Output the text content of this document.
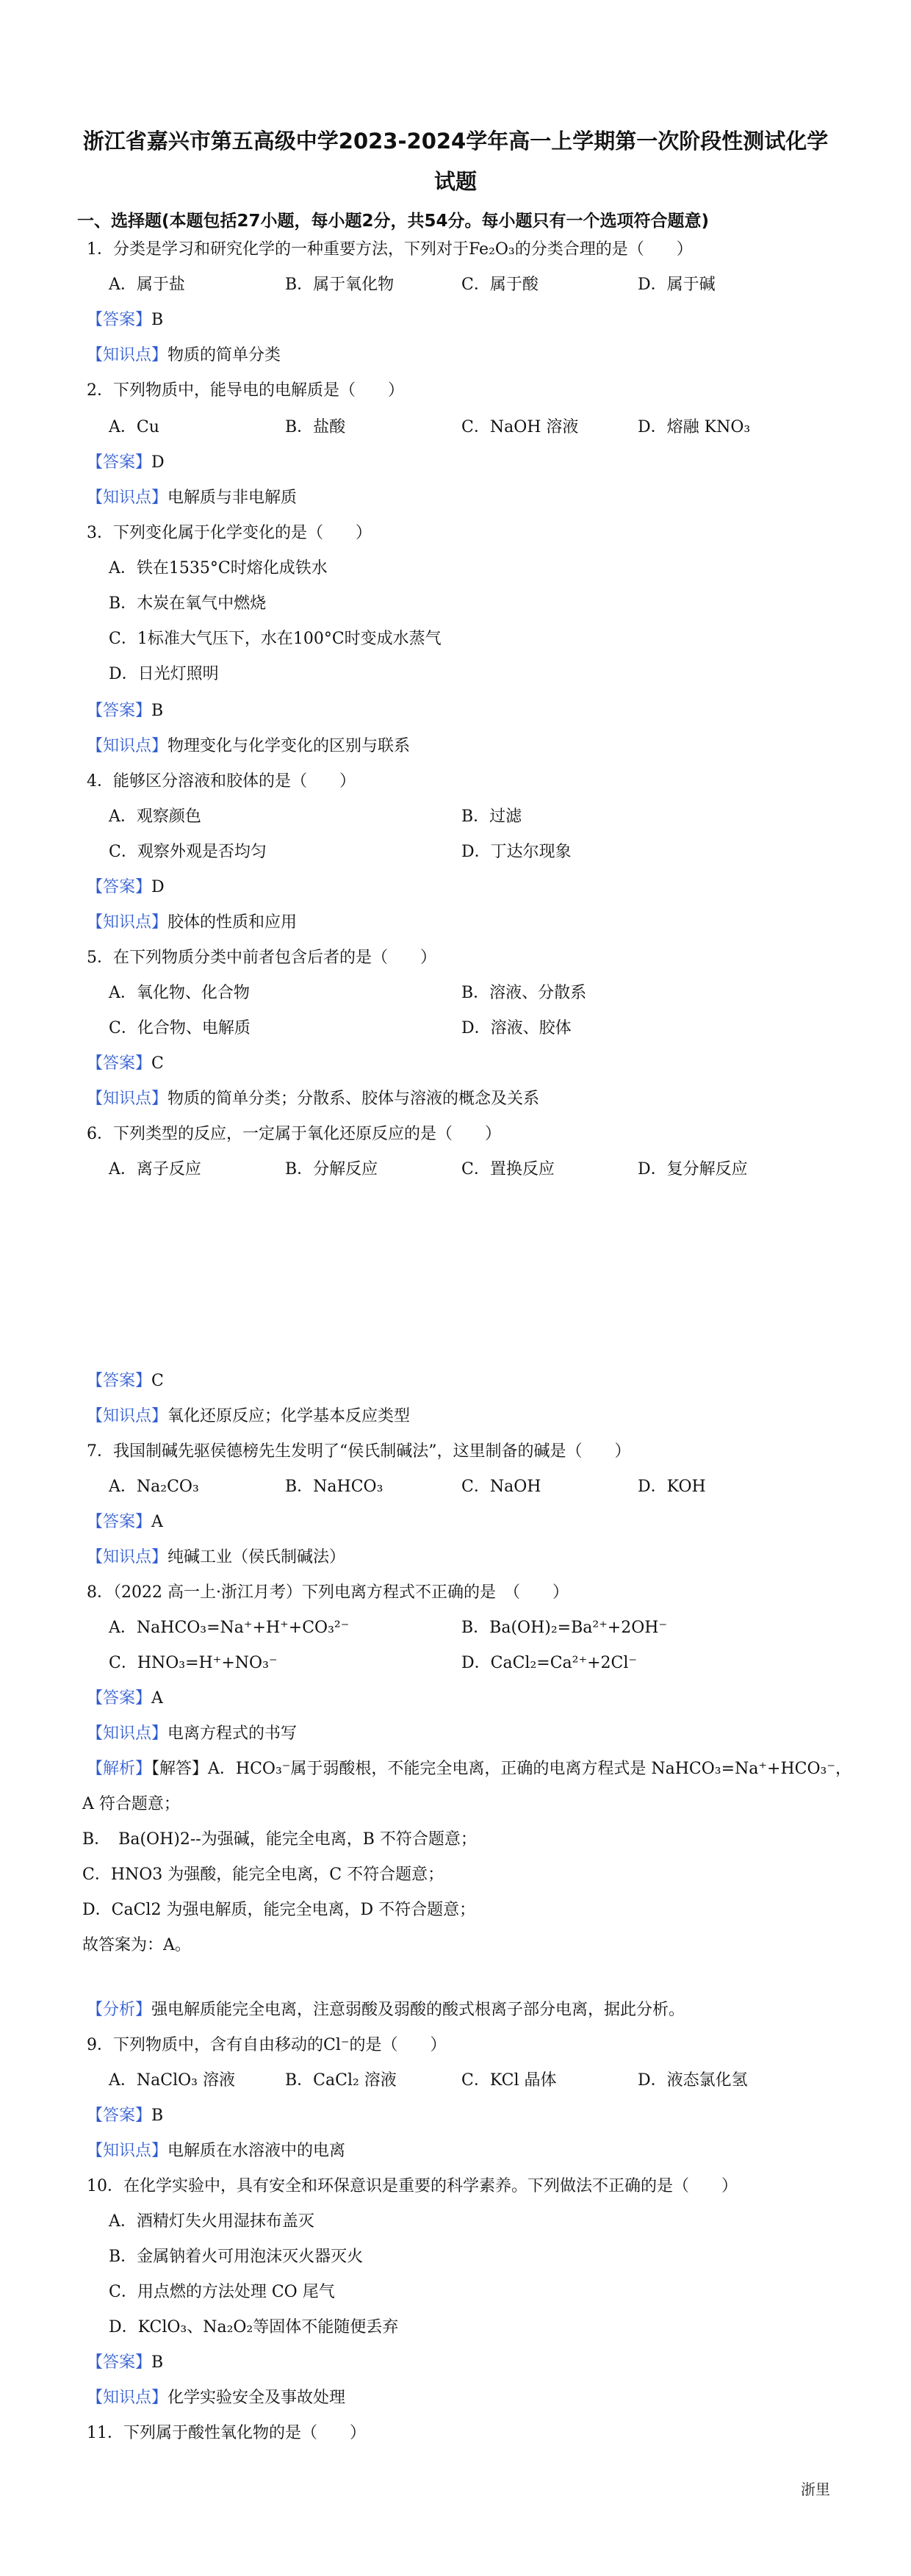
浙江省嘉兴市第五高级中学2023-2024学年高一上学期第一次阶段性测试化学
试题
一、选择题(本题包括27小题，每小题2分，共54分。每小题只有一个选项符合题意)
1．分类是学习和研究化学的一种重要方法，下列对于Fe₂O₃的分类合理的是（　　）
A．属于盐	B．属于氧化物	C．属于酸	D．属于碱
【答案】B
【知识点】物质的简单分类
2．下列物质中，能导电的电解质是（　　）
A．Cu	B．盐酸	C．NaOH 溶液	D．熔融 KNO₃
【答案】D
【知识点】电解质与非电解质
3．下列变化属于化学变化的是（　　）
A．铁在1535°C时熔化成铁水
B．木炭在氧气中燃烧
C．1标准大气压下，水在100°C时变成水蒸气
D．日光灯照明
【答案】B
【知识点】物理变化与化学变化的区别与联系
4．能够区分溶液和胶体的是（　　）
A．观察颜色	B．过滤
C．观察外观是否均匀	D．丁达尔现象
【答案】D
【知识点】胶体的性质和应用
5．在下列物质分类中前者包含后者的是（　　）
A．氧化物、化合物	B．溶液、分散系
C．化合物、电解质	D．溶液、胶体
【答案】C
【知识点】物质的简单分类；分散系、胶体与溶液的概念及关系
6．下列类型的反应，一定属于氧化还原反应的是（　　）
A．离子反应	B．分解反应	C．置换反应	D．复分解反应
【答案】C
【知识点】氧化还原反应；化学基本反应类型
7．我国制碱先驱侯德榜先生发明了“侯氏制碱法”，这里制备的碱是（　　）
A．Na₂CO₃	B．NaHCO₃	C．NaOH	D．KOH
【答案】A
【知识点】纯碱工业（侯氏制碱法）
8．（2022 高一上·浙江月考）下列电离方程式不正确的是　（　　）
A．NaHCO₃=Na⁺+H⁺+CO₃²⁻	B．Ba(OH)₂=Ba²⁺+2OH⁻
C．HNO₃=H⁺+NO₃⁻	D．CaCl₂=Ca²⁺+2Cl⁻
【答案】A
【知识点】电离方程式的书写
【解析】【解答】A．HCO₃⁻属于弱酸根，不能完全电离，正确的电离方程式是 NaHCO₃=Na⁺+HCO₃⁻，
A 符合题意；
B．　Ba(OH)2--为强碱，能完全电离，B 不符合题意；
C．HNO3 为强酸，能完全电离，C 不符合题意；
D．CaCl2 为强电解质，能完全电离，D 不符合题意；
故答案为：A。
【分析】强电解质能完全电离，注意弱酸及弱酸的酸式根离子部分电离，据此分析。
9．下列物质中，含有自由移动的Cl⁻的是（　　）
A．NaClO₃ 溶液	B．CaCl₂ 溶液	C．KCl 晶体	D．液态氯化氢
【答案】B
【知识点】电解质在水溶液中的电离
10．在化学实验中，具有安全和环保意识是重要的科学素养。下列做法不正确的是（　　）
A．酒精灯失火用湿抹布盖灭
B．金属钠着火可用泡沫灭火器灭火
C．用点燃的方法处理 CO 尾气
D．KClO₃、Na₂O₂等固体不能随便丢弃
【答案】B
【知识点】化学实验安全及事故处理
11．下列属于酸性氧化物的是（　　）
浙里
